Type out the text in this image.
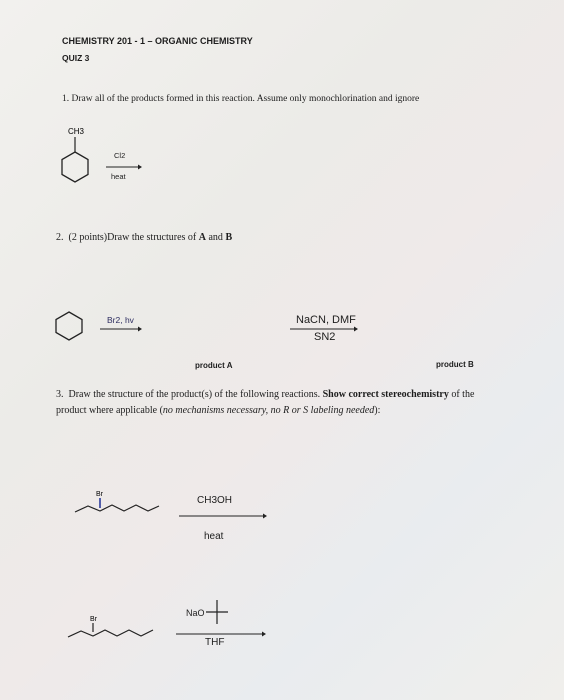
CHEMISTRY 201 - 1 – ORGANIC CHEMISTRY
QUIZ 3
1. Draw all of the products formed in this reaction. Assume only monochlorination and ignore
CH3
Cl2
heat
2. (2 points)Draw the structures of A and B
Br2, hv	NaCN, DMF
SN2
product A	product B
3. Draw the structure of the product(s) of the following reactions. Show correct stereochemistry of the product where applicable (no mechanisms necessary, no R or S labeling needed):
Br
CH3OH
heat
Br
NaO
THF
